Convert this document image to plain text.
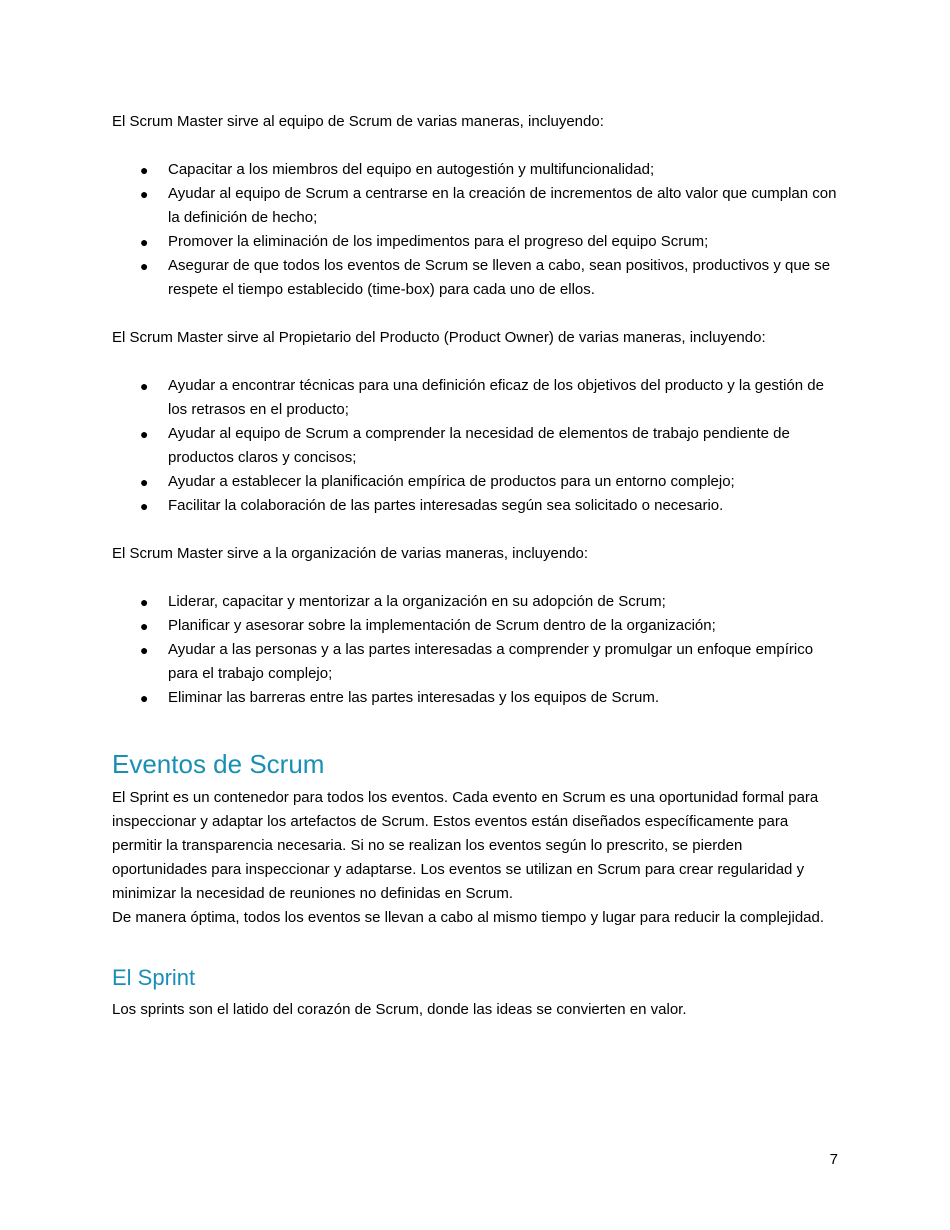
El Scrum Master sirve al equipo de Scrum de varias maneras, incluyendo:

● Capacitar a los miembros del equipo en autogestión y multifuncionalidad;
● Ayudar al equipo de Scrum a centrarse en la creación de incrementos de alto valor que cumplan con la definición de hecho;
● Promover la eliminación de los impedimentos para el progreso del equipo Scrum;
● Asegurar de que todos los eventos de Scrum se lleven a cabo, sean positivos, productivos y que se respete el tiempo establecido (time-box) para cada uno de ellos.

El Scrum Master sirve al Propietario del Producto (Product Owner) de varias maneras, incluyendo:

● Ayudar a encontrar técnicas para una definición eficaz de los objetivos del producto y la gestión de los retrasos en el producto;
● Ayudar al equipo de Scrum a comprender la necesidad de elementos de trabajo pendiente de productos claros y concisos;
● Ayudar a establecer la planificación empírica de productos para un entorno complejo;
● Facilitar la colaboración de las partes interesadas según sea solicitado o necesario.

El Scrum Master sirve a la organización de varias maneras, incluyendo:

● Liderar, capacitar y mentorizar a la organización en su adopción de Scrum;
● Planificar y asesorar sobre la implementación de Scrum dentro de la organización;
● Ayudar a las personas y a las partes interesadas a comprender y promulgar un enfoque empírico para el trabajo complejo;
● Eliminar las barreras entre las partes interesadas y los equipos de Scrum.
Eventos de Scrum

El Sprint es un contenedor para todos los eventos. Cada evento en Scrum es una oportunidad formal para inspeccionar y adaptar los artefactos de Scrum. Estos eventos están diseñados específicamente para permitir la transparencia necesaria. Si no se realizan los eventos según lo prescrito, se pierden oportunidades para inspeccionar y adaptarse. Los eventos se utilizan en Scrum para crear regularidad y minimizar la necesidad de reuniones no definidas en Scrum.

De manera óptima, todos los eventos se llevan a cabo al mismo tiempo y lugar para reducir la complejidad.

El Sprint

Los sprints son el latido del corazón de Scrum, donde las ideas se convierten en valor.

7
